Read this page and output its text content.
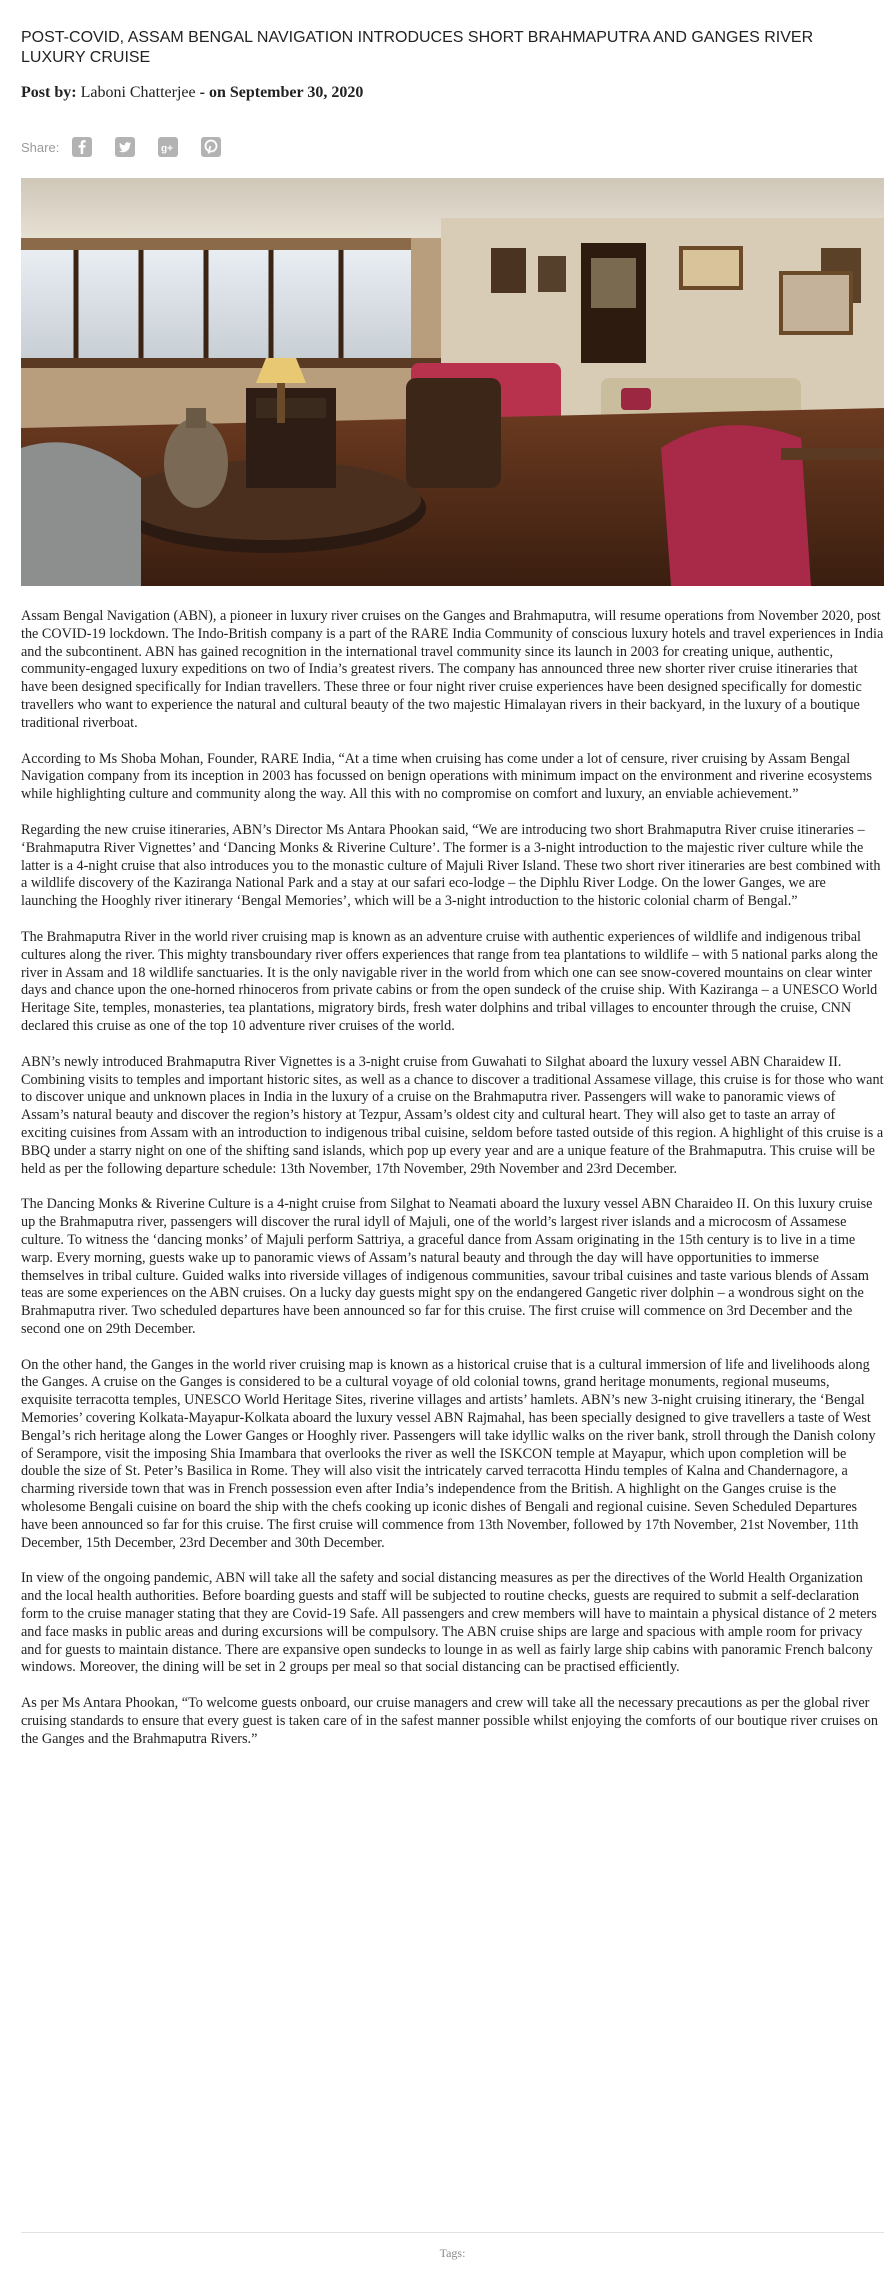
POST-COVID, ASSAM BENGAL NAVIGATION INTRODUCES SHORT BRAHMAPUTRA AND GANGES RIVER LUXURY CRUISE
Post by: Laboni Chatterjee - on September 30, 2020
Share:	g+

Assam Bengal Navigation (ABN), a pioneer in luxury river cruises on the Ganges and Brahmaputra, will resume operations from November 2020, post the COVID-19 lockdown. The Indo-British company is a part of the RARE India Community of conscious luxury hotels and travel experiences in India and the subcontinent. ABN has gained recognition in the international travel community since its launch in 2003 for creating unique, authentic, community-engaged luxury expeditions on two of India’s greatest rivers. The company has announced three new shorter river cruise itineraries that have been designed specifically for Indian travellers. These three or four night river cruise experiences have been designed specifically for domestic travellers who want to experience the natural and cultural beauty of the two majestic Himalayan rivers in their backyard, in the luxury of a boutique traditional riverboat.

According to Ms Shoba Mohan, Founder, RARE India, “At a time when cruising has come under a lot of censure, river cruising by Assam Bengal Navigation company from its inception in 2003 has focussed on benign operations with minimum impact on the environment and riverine ecosystems while highlighting culture and community along the way. All this with no compromise on comfort and luxury, an enviable achievement.”

Regarding the new cruise itineraries, ABN’s Director Ms Antara Phookan said, “We are introducing two short Brahmaputra River cruise itineraries – ‘Brahmaputra River Vignettes’ and ‘Dancing Monks & Riverine Culture’. The former is a 3-night introduction to the majestic river culture while the latter is a 4-night cruise that also introduces you to the monastic culture of Majuli River Island. These two short river itineraries are best combined with a wildlife discovery of the Kaziranga National Park and a stay at our safari eco-lodge – the Diphlu River Lodge. On the lower Ganges, we are launching the Hooghly river itinerary ‘Bengal Memories’, which will be a 3-night introduction to the historic colonial charm of Bengal.”

The Brahmaputra River in the world river cruising map is known as an adventure cruise with authentic experiences of wildlife and indigenous tribal cultures along the river. This mighty transboundary river offers experiences that range from tea plantations to wildlife – with 5 national parks along the river in Assam and 18 wildlife sanctuaries. It is the only navigable river in the world from which one can see snow-covered mountains on clear winter days and chance upon the one-horned rhinoceros from private cabins or from the open sundeck of the cruise ship. With Kaziranga – a UNESCO World Heritage Site, temples, monasteries, tea plantations, migratory birds, fresh water dolphins and tribal villages to encounter through the cruise, CNN declared this cruise as one of the top 10 adventure river cruises of the world.

ABN’s newly introduced Brahmaputra River Vignettes is a 3-night cruise from Guwahati to Silghat aboard the luxury vessel ABN Charaidew II. Combining visits to temples and important historic sites, as well as a chance to discover a traditional Assamese village, this cruise is for those who want to discover unique and unknown places in India in the luxury of a cruise on the Brahmaputra river. Passengers will wake to panoramic views of Assam’s natural beauty and discover the region’s history at Tezpur, Assam’s oldest city and cultural heart. They will also get to taste an array of exciting cuisines from Assam with an introduction to indigenous tribal cuisine, seldom before tasted outside of this region. A highlight of this cruise is a BBQ under a starry night on one of the shifting sand islands, which pop up every year and are a unique feature of the Brahmaputra. This cruise will be held as per the following departure schedule: 13th November, 17th November, 29th November and 23rd December.

The Dancing Monks & Riverine Culture is a 4-night cruise from Silghat to Neamati aboard the luxury vessel ABN Charaideo II. On this luxury cruise up the Brahmaputra river, passengers will discover the rural idyll of Majuli, one of the world’s largest river islands and a microcosm of Assamese culture. To witness the ‘dancing monks’ of Majuli perform Sattriya, a graceful dance from Assam originating in the 15th century is to live in a time warp. Every morning, guests wake up to panoramic views of Assam’s natural beauty and through the day will have opportunities to immerse themselves in tribal culture. Guided walks into riverside villages of indigenous communities, savour tribal cuisines and taste various blends of Assam teas are some experiences on the ABN cruises. On a lucky day guests might spy on the endangered Gangetic river dolphin – a wondrous sight on the Brahmaputra river. Two scheduled departures have been announced so far for this cruise. The first cruise will commence on 3rd December and the second one on 29th December.

On the other hand, the Ganges in the world river cruising map is known as a historical cruise that is a cultural immersion of life and livelihoods along the Ganges. A cruise on the Ganges is considered to be a cultural voyage of old colonial towns, grand heritage monuments, regional museums, exquisite terracotta temples, UNESCO World Heritage Sites, riverine villages and artists’ hamlets. ABN’s new 3-night cruising itinerary, the ‘Bengal Memories’ covering Kolkata-Mayapur-Kolkata aboard the luxury vessel ABN Rajmahal, has been specially designed to give travellers a taste of West Bengal’s rich heritage along the Lower Ganges or Hooghly river. Passengers will take idyllic walks on the river bank, stroll through the Danish colony of Serampore, visit the imposing Shia Imambara that overlooks the river as well the ISKCON temple at Mayapur, which upon completion will be double the size of St. Peter’s Basilica in Rome. They will also visit the intricately carved terracotta Hindu temples of Kalna and Chandernagore, a charming riverside town that was in French possession even after India’s independence from the British. A highlight on the Ganges cruise is the wholesome Bengali cuisine on board the ship with the chefs cooking up iconic dishes of Bengali and regional cuisine. Seven Scheduled Departures have been announced so far for this cruise. The first cruise will commence from 13th November, followed by 17th November, 21st November, 11th December, 15th December, 23rd December and 30th December.

In view of the ongoing pandemic, ABN will take all the safety and social distancing measures as per the directives of the World Health Organization and the local health authorities. Before boarding guests and staff will be subjected to routine checks, guests are required to submit a self-declaration form to the cruise manager stating that they are Covid-19 Safe. All passengers and crew members will have to maintain a physical distance of 2 meters and face masks in public areas and during excursions will be compulsory. The ABN cruise ships are large and spacious with ample room for privacy and for guests to maintain distance. There are expansive open sundecks to lounge in as well as fairly large ship cabins with panoramic French balcony windows. Moreover, the dining will be set in 2 groups per meal so that social distancing can be practised efficiently.

As per Ms Antara Phookan, “To welcome guests onboard, our cruise managers and crew will take all the necessary precautions as per the global river cruising standards to ensure that every guest is taken care of in the safest manner possible whilst enjoying the comforts of our boutique river cruises on the Ganges and the Brahmaputra Rivers.”

Tags:
